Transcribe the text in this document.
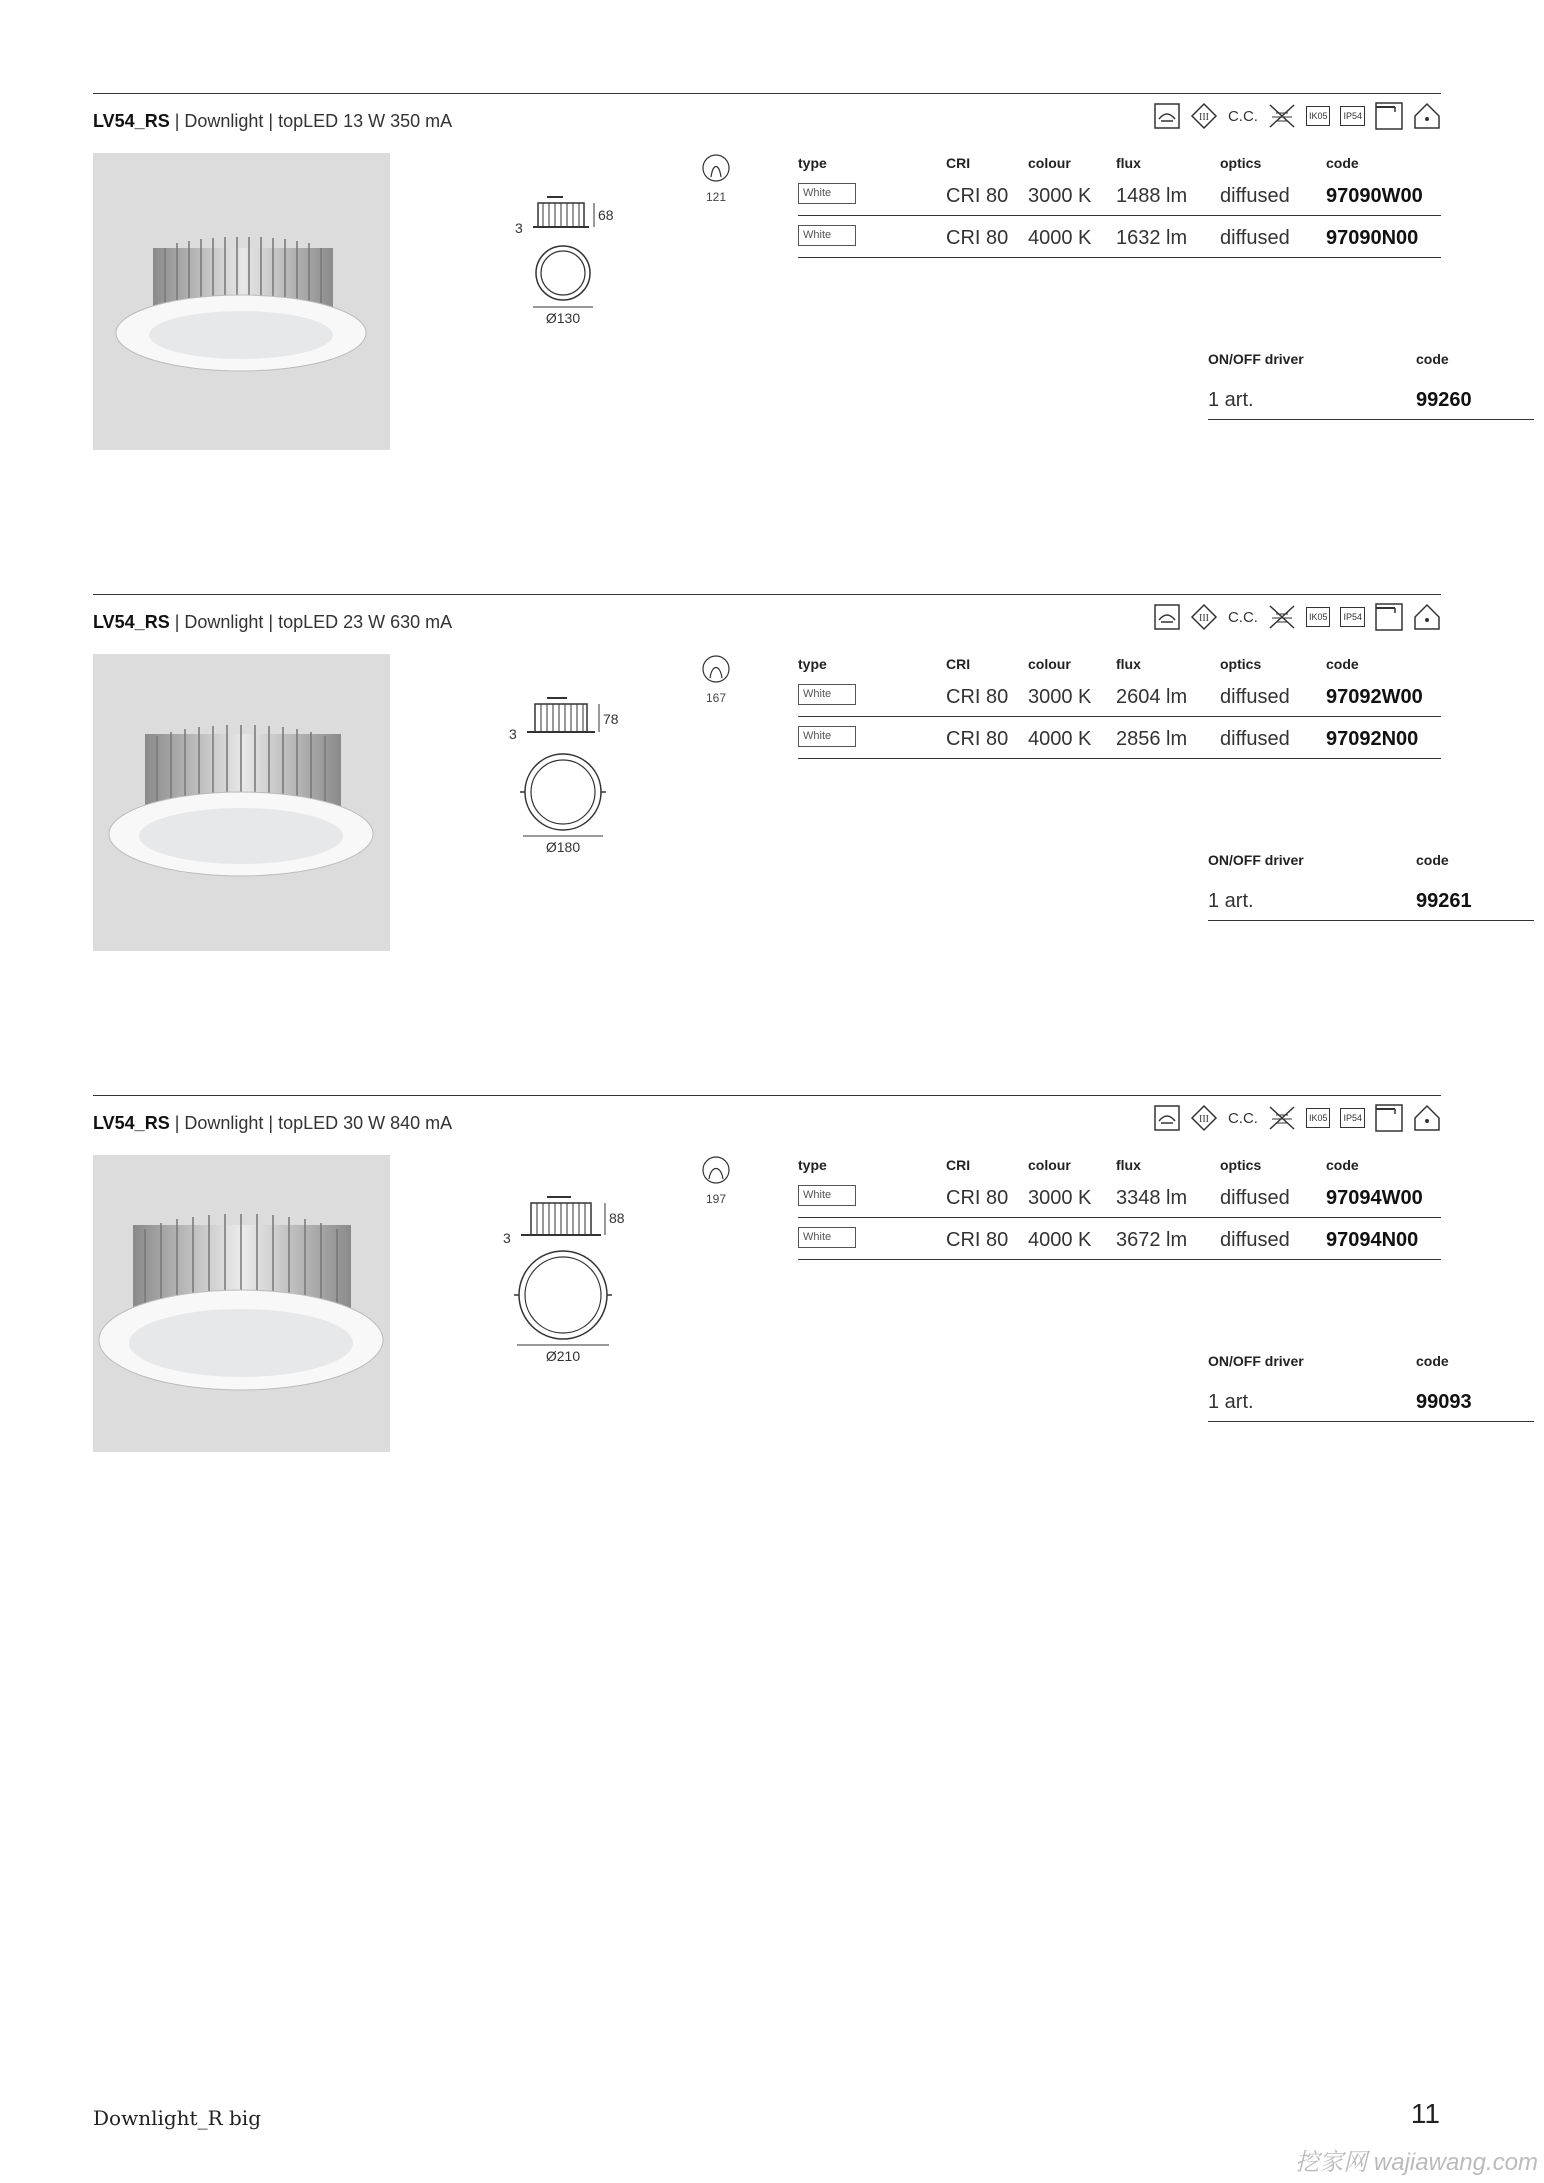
LV54_RS | Downlight | topLED 13 W 350 mA	III C.C.	IK05	IP54
68
3
Ø130
121
type	CRI	colour	flux	optics	code
White	CRI 80 3000 K 1488 lm diffused 97090W00
White	CRI 80 4000 K 1632 lm diffused 97090N00
ON/OFF driver	code
1 art.	99260
LV54_RS | Downlight | topLED 23 W 630 mA	III C.C.	IK05	IP54
78
3
Ø180
167
type	CRI	colour	flux	optics	code
White	CRI 80 3000 K 2604 lm diffused 97092W00
White	CRI 80 4000 K 2856 lm diffused 97092N00
ON/OFF driver	code
1 art.	99261
LV54_RS | Downlight | topLED 30 W 840 mA	III C.C.	IK05	IP54
88
3
Ø210
197
type	CRI	colour	flux	optics	code
White	CRI 80 3000 K 3348 lm diffused 97094W00
White	CRI 80 4000 K 3672 lm diffused 97094N00
ON/OFF driver	code
1 art.	99093
Downlight_R big	11
挖家网 wajiawang.com
